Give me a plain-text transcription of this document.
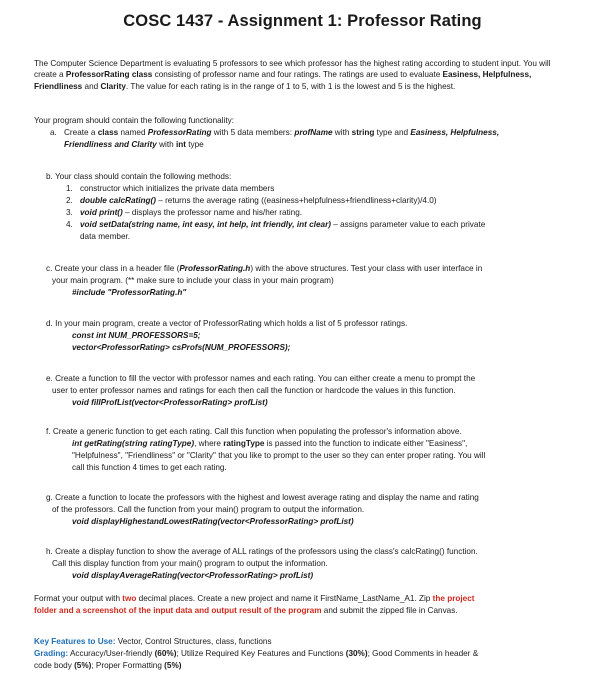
COSC 1437 - Assignment 1: Professor Rating
The Computer Science Department is evaluating 5 professors to see which professor has the highest rating according to student input. You will create a ProfessorRating class consisting of professor name and four ratings. The ratings are used to evaluate Easiness, Helpfulness, Friendliness and Clarity. The value for each rating is in the range of 1 to 5, with 1 is the lowest and 5 is the highest.
Your program should contain the following functionality:
a. Create a class named ProfessorRating with 5 data members: profName with string type and Easiness, Helpfulness,
Friendliness and Clarity with int type
b. Your class should contain the following methods:
1. constructor which initializes the private data members
2. double calcRating() – returns the average rating ((easiness+helpfulness+friendliness+clarity)/4.0)
3. void print() – displays the professor name and his/her rating.
4. void setData(string name, int easy, int help, int friendly, int clear) – assigns parameter value to each private
data member.
c. Create your class in a header file (ProfessorRating.h) with the above structures. Test your class with user interface in
your main program. (** make sure to include your class in your main program)
#include "ProfessorRating.h"
d. In your main program, create a vector of ProfessorRating which holds a list of 5 professor ratings.
const int NUM_PROFESSORS=5;
vector<ProfessorRating> csProfs(NUM_PROFESSORS);
e. Create a function to fill the vector with professor names and each rating. You can either create a menu to prompt the
user to enter professor names and ratings for each then call the function or hardcode the values in this function.
void fillProfList(vector<ProfessorRating> profList)
f. Create a generic function to get each rating. Call this function when populating the professor's information above.
int getRating(string ratingType), where ratingType is passed into the function to indicate either "Easiness",
"Helpfulness", "Friendliness" or "Clarity" that you like to prompt to the user so they can enter proper rating. You will
call this function 4 times to get each rating.
g. Create a function to locate the professors with the highest and lowest average rating and display the name and rating
of the professors. Call the function from your main() program to output the information.
void displayHighestandLowestRating(vector<ProfessorRating> profList)
h. Create a display function to show the average of ALL ratings of the professors using the class's calcRating() function.
Call this display function from your main() program to output the information.
void displayAverageRating(vector<ProfessorRating> profList)
Format your output with two decimal places. Create a new project and name it FirstName_LastName_A1. Zip the project
folder and a screenshot of the input data and output result of the program and submit the zipped file in Canvas.
Key Features to Use: Vector, Control Structures, class, functions
Grading: Accuracy/User-friendly (60%); Utilize Required Key Features and Functions (30%); Good Comments in header &
code body (5%); Proper Formatting (5%)
